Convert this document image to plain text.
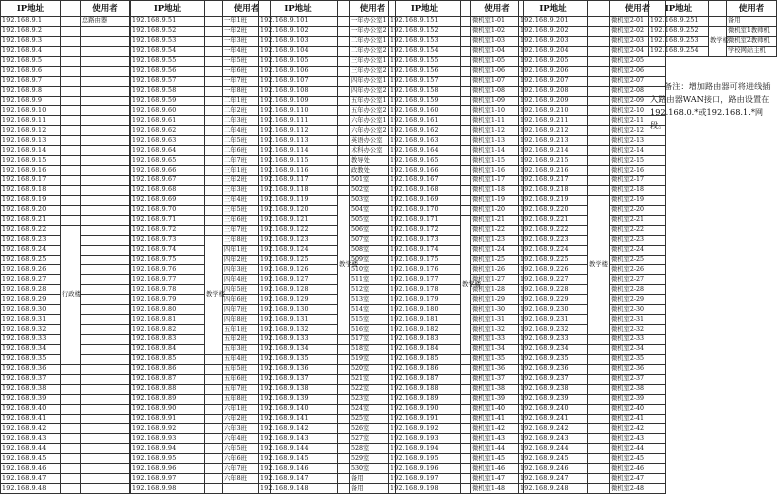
IP地址		使用者
192.168.9.1		总路由器
192.168.9.2		
192.168.9.3		
192.168.9.4		
192.168.9.5		
192.168.9.6		
192.168.9.7		
192.168.9.8		
192.168.9.9		
192.168.9.10		
192.168.9.11		
192.168.9.12		
192.168.9.13		
192.168.9.14		
192.168.9.15		
192.168.9.16		
192.168.9.17		
192.168.9.18		
192.168.9.19		
192.168.9.20		
192.168.9.21		
192.168.9.22	行政楼	
192.168.9.23		
192.168.9.24		
192.168.9.25		
192.168.9.26		
192.168.9.27		
192.168.9.28		
192.168.9.29		
192.168.9.30		
192.168.9.31		
192.168.9.32		
192.168.9.33		
192.168.9.34		
192.168.9.35		
192.168.9.36		
192.168.9.37		
192.168.9.38		
192.168.9.39		
192.168.9.40		
192.168.9.41		
192.168.9.42		
192.168.9.43		
192.168.9.44		
192.168.9.45		
192.168.9.46		
192.168.9.47		
192.168.9.48		
IP地址		使用者
192.168.9.51		一年1班
192.168.9.52		一年2班
192.168.9.53		一年3班
192.168.9.54		一年4班
192.168.9.55		一年5班
192.168.9.56		一年6班
192.168.9.57		一年7班
192.168.9.58		一年8班
192.168.9.59		二年1班
192.168.9.60		二年2班
192.168.9.61		二年3班
192.168.9.62		二年4班
192.168.9.63		二年5班
192.168.9.64		二年6班
192.168.9.65		二年7班
192.168.9.66		三年1班
192.168.9.67		三年2班
192.168.9.68		三年3班
192.168.9.69		三年4班
192.168.9.70		三年5班
192.168.9.71		三年6班
192.168.9.72		三年7班
192.168.9.73	教学楼	三年8班
192.168.9.74		四年1班
192.168.9.75		四年2班
192.168.9.76		四年3班
192.168.9.77		四年4班
192.168.9.78		四年5班
192.168.9.79		四年6班
192.168.9.80		四年7班
192.168.9.81		四年8班
192.168.9.82		五年1班
192.168.9.83		五年2班
192.168.9.84		五年3班
192.168.9.85		五年4班
192.168.9.86		五年5班
192.168.9.87		五年6班
192.168.9.88		五年7班
192.168.9.89		五年8班
192.168.9.90		六年1班
192.168.9.91		六年2班
192.168.9.92		六年3班
192.168.9.93		六年4班
192.168.9.94		六年5班
192.168.9.95		六年6班
192.168.9.96		六年7班
192.168.9.97		六年8班
192.168.9.98		
IP地址		使用者
192.168.9.101		一年办公室1
192.168.9.102		一年办公室2
192.168.9.103		二年办公室1
192.168.9.104		二年办公室2
192.168.9.105		三年办公室1
192.168.9.106		三年办公室2
192.168.9.107		四年办公室1
192.168.9.108		四年办公室2
192.168.9.109		五年办公室1
192.168.9.110		五年办公室2
192.168.9.111		六年办公室1
192.168.9.112		六年办公室2
192.168.9.113		英语办公室
192.168.9.114		术科办公室
192.168.9.115		教导处
192.168.9.116		政教处
192.168.9.117		501室
192.168.9.118		502室
192.168.9.119	教学楼	503室
192.168.9.120		504室
192.168.9.121		505室
192.168.9.122		506室
192.168.9.123		507室
192.168.9.124		508室
192.168.9.125		509室
192.168.9.126		510室
192.168.9.127		511室
192.168.9.128		512室
192.168.9.129		513室
192.168.9.130		514室
192.168.9.131		515室
192.168.9.132		516室
192.168.9.133		517室
192.168.9.134		518室
192.168.9.135		519室
192.168.9.136		520室
192.168.9.137		521室
192.168.9.138		522室
192.168.9.139		523室
192.168.9.140		524室
192.168.9.141		525室
192.168.9.142		526室
192.168.9.143		527室
192.168.9.144		528室
192.168.9.145		529室
192.168.9.146		530室
192.168.9.147		备用
192.168.9.148		备用
IP地址		使用者
192.168.9.151		微机室1-01
192.168.9.152		微机室1-02
192.168.9.153		微机室1-03
192.168.9.154		微机室1-04
192.168.9.155		微机室1-05
192.168.9.156		微机室1-06
192.168.9.157		微机室1-07
192.168.9.158		微机室1-08
192.168.9.159		微机室1-09
192.168.9.160		微机室1-10
192.168.9.161		微机室1-11
192.168.9.162		微机室1-12
192.168.9.163		微机室1-13
192.168.9.164		微机室1-14
192.168.9.165		微机室1-15
192.168.9.166		微机室1-16
192.168.9.167		微机室1-17
192.168.9.168		微机室1-18
192.168.9.169		微机室1-19
192.168.9.170		微机室1-20
192.168.9.171	教学楼	微机室1-21
192.168.9.172		微机室1-22
192.168.9.173		微机室1-23
192.168.9.174		微机室1-24
192.168.9.175		微机室1-25
192.168.9.176		微机室1-26
192.168.9.177		微机室1-27
192.168.9.178		微机室1-28
192.168.9.179		微机室1-29
192.168.9.180		微机室1-30
192.168.9.181		微机室1-31
192.168.9.182		微机室1-32
192.168.9.183		微机室1-33
192.168.9.184		微机室1-34
192.168.9.185		微机室1-35
192.168.9.186		微机室1-36
192.168.9.187		微机室1-37
192.168.9.188		微机室1-38
192.168.9.189		微机室1-39
192.168.9.190		微机室1-40
192.168.9.191		微机室1-41
192.168.9.192		微机室1-42
192.168.9.193		微机室1-43
192.168.9.194		微机室1-44
192.168.9.195		微机室1-45
192.168.9.196		微机室1-46
192.168.9.197		微机室1-47
192.168.9.198		微机室1-48
IP地址		使用者
192.168.9.201		微机室2-01
192.168.9.202		微机室2-02
192.168.9.203		微机室2-03
192.168.9.204		微机室2-04
192.168.9.205		微机室2-05
192.168.9.206		微机室2-06
192.168.9.207		微机室2-07
192.168.9.208		微机室2-08
192.168.9.209		微机室2-09
192.168.9.210		微机室2-10
192.168.9.211		微机室2-11
192.168.9.212		微机室2-12
192.168.9.213		微机室2-13
192.168.9.214		微机室2-14
192.168.9.215		微机室2-15
192.168.9.216		微机室2-16
192.168.9.217		微机室2-17
192.168.9.218		微机室2-18
192.168.9.219	教学楼	微机室2-19
192.168.9.220		微机室2-20
192.168.9.221		微机室2-21
192.168.9.222		微机室2-22
192.168.9.223		微机室2-23
192.168.9.224		微机室2-24
192.168.9.225		微机室2-25
192.168.9.226		微机室2-26
192.168.9.227		微机室2-27
192.168.9.228		微机室2-28
192.168.9.229		微机室2-29
192.168.9.230		微机室2-30
192.168.9.231		微机室2-31
192.168.9.232		微机室2-32
192.168.9.233		微机室2-33
192.168.9.234		微机室2-34
192.168.9.235		微机室2-35
192.168.9.236		微机室2-36
192.168.9.237		微机室2-37
192.168.9.238		微机室2-38
192.168.9.239		微机室2-39
192.168.9.240		微机室2-40
192.168.9.241		微机室2-41
192.168.9.242		微机室2-42
192.168.9.243		微机室2-43
192.168.9.244		微机室2-44
192.168.9.245		微机室2-45
192.168.9.246		微机室2-46
192.168.9.247		微机室2-47
192.168.9.248		微机室2-48
IP地址		使用者
192.168.9.251		备用
192.168.9.252	教学楼	微机室1教师机
192.168.9.253		微机室2教师机
192.168.9.254		学校网站主机
备注：增加路由器可将进线插入路由器WAN接口，路由设置在192.168.0.*或192.168.1.*网段。
